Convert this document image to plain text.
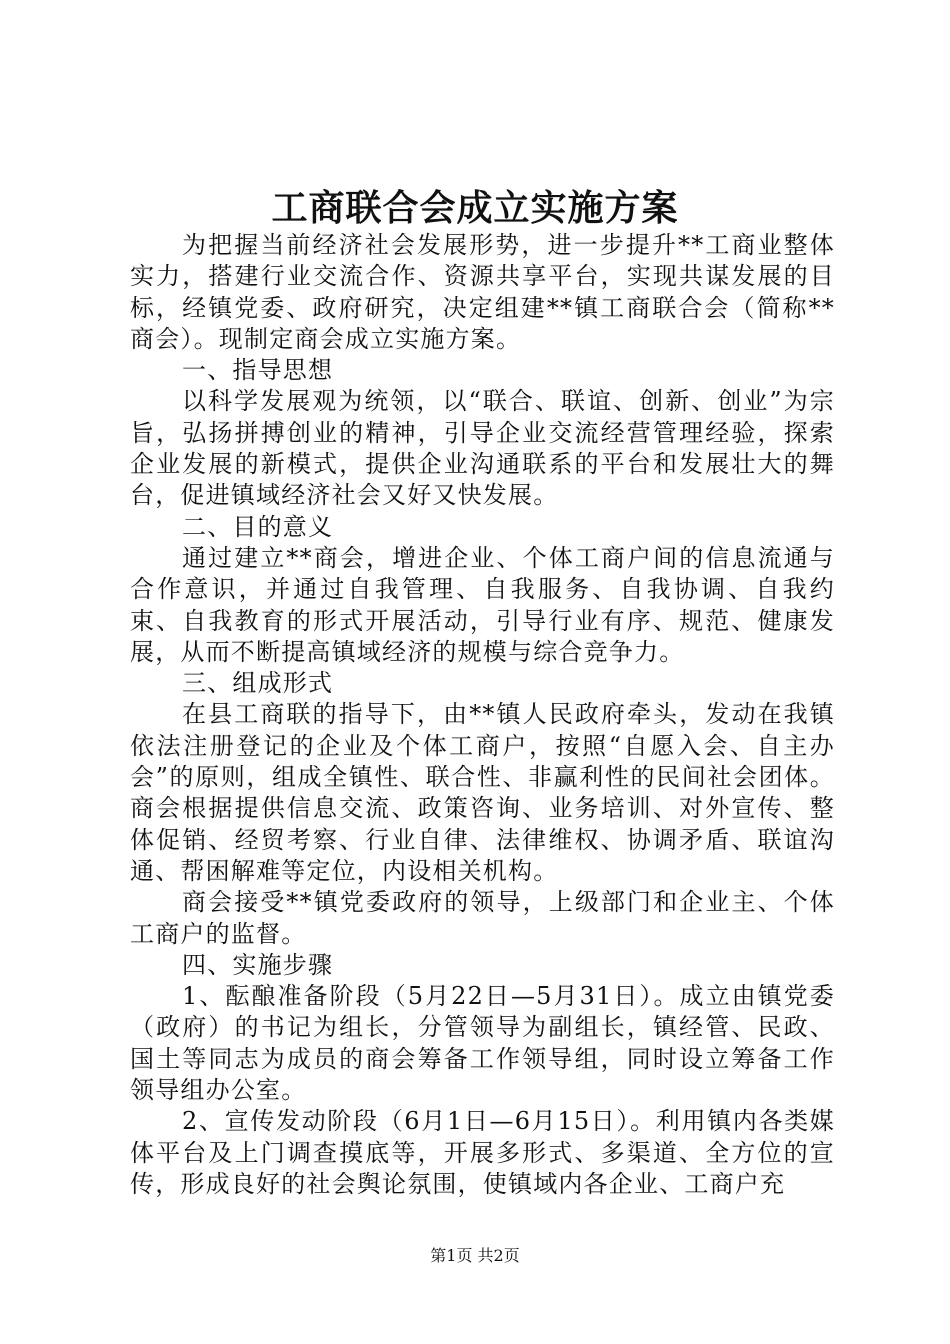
工商联合会成立实施方案

为把握当前经济社会发展形势，进一步提升**工商业整体实力，搭建行业交流合作、资源共享平台，实现共谋发展的目标，经镇党委、政府研究，决定组建**镇工商联合会（简称**商会）。现制定商会成立实施方案。

一、指导思想

以科学发展观为统领，以“联合、联谊、创新、创业”为宗旨，弘扬拼搏创业的精神，引导企业交流经营管理经验，探索企业发展的新模式，提供企业沟通联系的平台和发展壮大的舞台，促进镇域经济社会又好又快发展。

二、目的意义

通过建立**商会，增进企业、个体工商户间的信息流通与合作意识，并通过自我管理、自我服务、自我协调、自我约束、自我教育的形式开展活动，引导行业有序、规范、健康发展，从而不断提高镇域经济的规模与综合竞争力。

三、组成形式

在县工商联的指导下，由**镇人民政府牵头，发动在我镇依法注册登记的企业及个体工商户，按照“自愿入会、自主办会”的原则，组成全镇性、联合性、非赢利性的民间社会团体。商会根据提供信息交流、政策咨询、业务培训、对外宣传、整体促销、经贸考察、行业自律、法律维权、协调矛盾、联谊沟通、帮困解难等定位，内设相关机构。

商会接受**镇党委政府的领导，上级部门和企业主、个体工商户的监督。

四、实施步骤

1、酝酿准备阶段（5月22日—5月31日）。成立由镇党委（政府）的书记为组长，分管领导为副组长，镇经管、民政、国土等同志为成员的商会筹备工作领导组，同时设立筹备工作领导组办公室。

2、宣传发动阶段（6月1日—6月15日）。利用镇内各类媒体平台及上门调查摸底等，开展多形式、多渠道、全方位的宣传，形成良好的社会舆论氛围，使镇域内各企业、工商户充

第1页 共2页
